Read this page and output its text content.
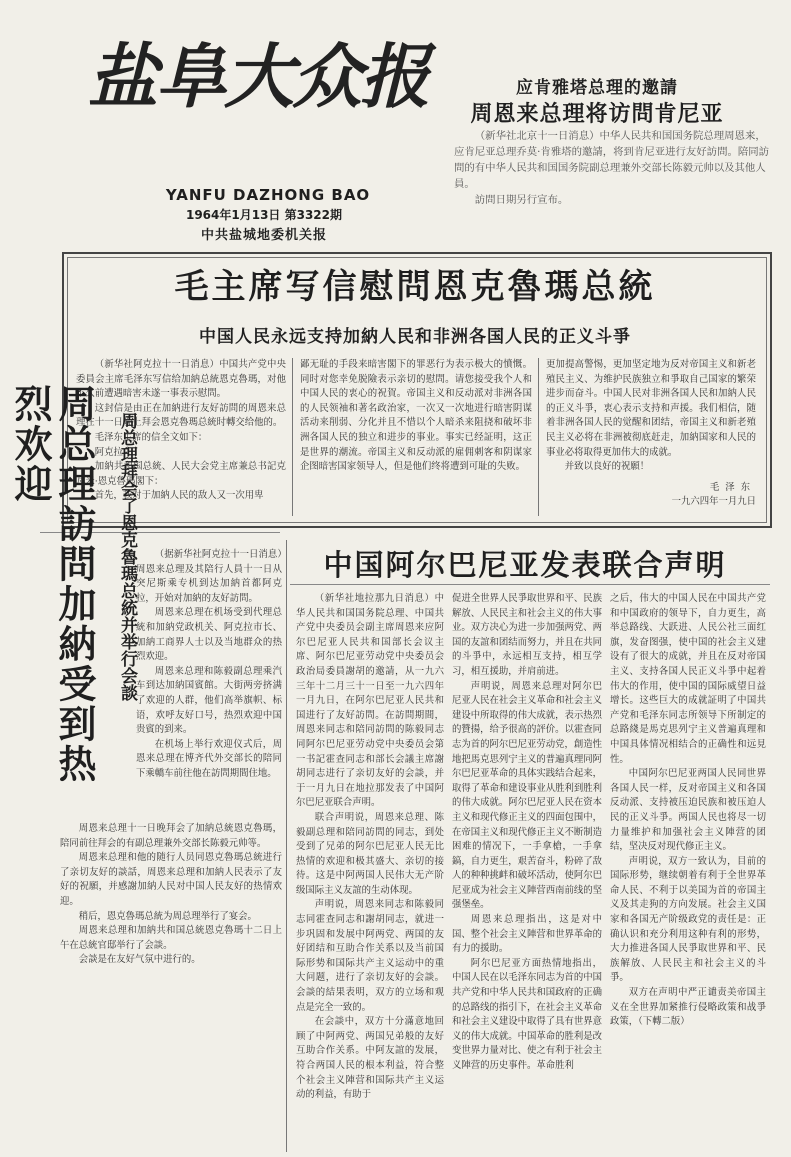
盐阜大众报
YANFU DAZHONG BAO
1964年1月13日 第3322期
中共盐城地委机关报
应肯雅塔总理的邀請
周恩来总理将访問肯尼亚
（新华社北京十一日消息）中华人民共和国国务院总理周恩来，应肯尼亚总理乔莫·肯雅塔的邀請，将到肯尼亚进行友好訪問。陪同訪問的有中华人民共和国国务院副总理兼外交部长陈毅元帅以及其他人員。
訪問日期另行宣布。
毛主席写信慰問恩克魯瑪总統
中国人民永远支持加納人民和非洲各国人民的正义斗爭

（新华社阿克拉十一日消息）中国共产党中央委員会主席毛泽东写信给加納总統恩克魯瑪，对他不久前遭遇暗害未遂一事表示慰問。

这封信是由正在加納进行友好訪問的周恩来总理在十一日晚上拜会恩克魯瑪总統时轉交给他的。

毛泽东主席的信全文如下：

阿克拉

加納共和国总統、人民大会党主席兼总书記克瓦米·恩克魯瑪閣下：

首先，我对于加納人民的敌人又一次用卑

鄙无耻的手段来暗害閣下的罪恶行为表示极大的憤慨。同时对您幸免脱險表示亲切的慰問。请您接受我个人和中国人民的衷心的祝賀。帝国主义和反动派对非洲各国的人民领袖和著名政治家，一次又一次地进行暗害阴谋活动来削弱、分化并且不惜以个人暗杀来阻挠和破坏非洲各国人民的独立和进步的事业。事实已经証明，这正是世界的潮流。帝国主义和反动派的雇佣刺客和阴谋家企图暗害国家领导人，但是他们终将遭到可耻的失败。

更加提高警惕，更加坚定地为反对帝国主义和新老殖民主义、为维护民族独立和爭取自己国家的繁荣进步而奋斗。中国人民对非洲各国人民和加納人民的正义斗爭，衷心表示支持和声援。我们相信，随着非洲各国人民的觉醒和团结，帝国主义和新老殖民主义必将在非洲被彻底赶走，加納国家和人民的事业必将取得更加伟大的成就。

并致以良好的祝願！

毛泽东
一九六四年一月九日
周总理訪問加納受到热烈欢迎	周总理拜会了恩克魯瑪总統并举行会談	（据新华社阿克拉十一日消息）周恩来总理及其陪行人員十一日从突尼斯乘专机到达加納首都阿克拉，开始对加納的友好訪問。

周恩来总理在机场受到代理总統和加納党政机关、阿克拉市长、加納工商界人士以及当地群众的热烈欢迎。

周恩来总理和陈毅副总理乘汽车到达加納国賓館。大街两旁挤满了欢迎的人群，他们高举旗帜、标语，欢呼友好口号，热烈欢迎中国贵賓的到来。

在机场上举行欢迎仪式后，周恩来总理在博齐代外交部长的陪同下乘轎车前往他在訪問期間住地。

周恩来总理十一日晚拜会了加納总統恩克魯瑪，陪同前往拜会的有副总理兼外交部长陈毅元帅等。

周恩来总理和他的随行人员同恩克魯瑪总統进行了亲切友好的談話，周恩来总理和加納人民表示了友好的祝願，并感謝加納人民对中国人民友好的热情欢迎。

稍后，恩克魯瑪总統为周总理举行了宴会。

周恩来总理和加納共和国总統恩克魯瑪十二日上午在总統官邸举行了会談。

会談是在友好气氛中进行的。

中国阿尔巴尼亚发表联合声明

（新华社地拉那九日消息）中华人民共和国国务院总理、中国共产党中央委员会副主席周恩来应阿尔巴尼亚人民共和国部长会议主席、阿尔巴尼亚劳动党中央委员会政治局委員謝胡的邀請，从一九六三年十二月三十一日至一九六四年一月九日，在阿尔巴尼亚人民共和国进行了友好訪問。在訪問期間，周恩来同志和陪同訪問的陈毅同志同阿尔巴尼亚劳动党中央委员会第一书記霍查同志和部长会議主席謝胡同志进行了亲切友好的会談，并于一月九日在地拉那发表了中国阿尔巴尼亚联合声明。

联合声明说，周恩来总理、陈毅副总理和陪同訪問的同志，到处受到了兄弟的阿尔巴尼亚人民无比热情的欢迎和极其盛大、亲切的接待。这是中阿两国人民伟大无产阶级国际主义友誼的生动体现。

声明说，周恩来同志和陈毅同志同霍查同志和謝胡同志，就进一步巩固和发展中阿两党、两国的友好团结和互助合作关系以及当前国际形势和国际共产主义运动中的重大问题，进行了亲切友好的会談。会談的結果表明，双方的立场和观点是完全一致的。

在会談中，双方十分滿意地回顾了中阿两党、两国兄弟般的友好互助合作关系。中阿友誼的发展，符合两国人民的根本利益，符合整个社会主义陣营和国际共产主义运动的利益，有助于

促进全世界人民爭取世界和平、民族解放、人民民主和社会主义的伟大事业。双方决心为进一步加强两党、两国的友誼和团结而努力，并且在共同的斗爭中，永远相互支持，相互学习，相互援助，并肩前进。

声明说，周恩来总理对阿尔巴尼亚人民在社会主义革命和社会主义建设中所取得的伟大成就，表示热烈的贊揚，给予很高的評价。以霍查同志为首的阿尔巴尼亚劳动党，創造性地把馬克思列宁主义的普遍真理同阿尔巴尼亚革命的具体实践结合起来，取得了革命和建设事业从胜利到胜利的伟大成就。阿尔巴尼亚人民在资本主义和现代修正主义的四面包围中，在帝国主义和现代修正主义不断制造困难的情况下，一手拿槍，一手拿鎬，自力更生，艰苦奋斗，粉碎了敌人的种种挑衅和破坏活动，使阿尔巴尼亚成为社会主义陣营西南前线的坚强堡垒。

周恩来总理指出，这是对中国、整个社会主义陣营和世界革命的有力的援助。

阿尔巴尼亚方面热情地指出，中国人民在以毛泽东同志为首的中国共产党和中华人民共和国政府的正确的总路线的指引下，在社会主义革命和社会主义建设中取得了具有世界意义的伟大成就。中国革命的胜利是改变世界力量对比、使之有利于社会主义陣营的历史事件。革命胜利

之后，伟大的中国人民在中国共产党和中国政府的领导下，自力更生，高举总路线、大跃进、人民公社三面红旗，发奋图强，使中国的社会主义建设有了很大的成就，并且在反对帝国主义、支持各国人民正义斗爭中起着伟大的作用，使中国的国际威望日益增长。这些巨大的成就証明了中国共产党和毛泽东同志所领导下所制定的总路綫是馬克思列宁主义普遍真理和中国具体情况相结合的正确性和远見性。

中国阿尔巴尼亚两国人民同世界各国人民一样，反对帝国主义和各国反动派、支持被压迫民族和被压迫人民的正义斗爭。两国人民也将尽一切力量维护和加强社会主义陣营的团结，坚决反对现代修正主义。

声明说，双方一致认为，目前的国际形势，继续朝着有利于全世界革命人民、不利于以美国为首的帝国主义及其走狗的方向发展。社会主义国家和各国无产阶级政党的责任是：正确认识和充分利用这种有利的形势，大力推进各国人民爭取世界和平、民族解放、人民民主和社会主义的斗爭。

双方在声明中严正谴责美帝国主义在全世界加紧推行侵略政策和战爭政策，（下轉二版）
